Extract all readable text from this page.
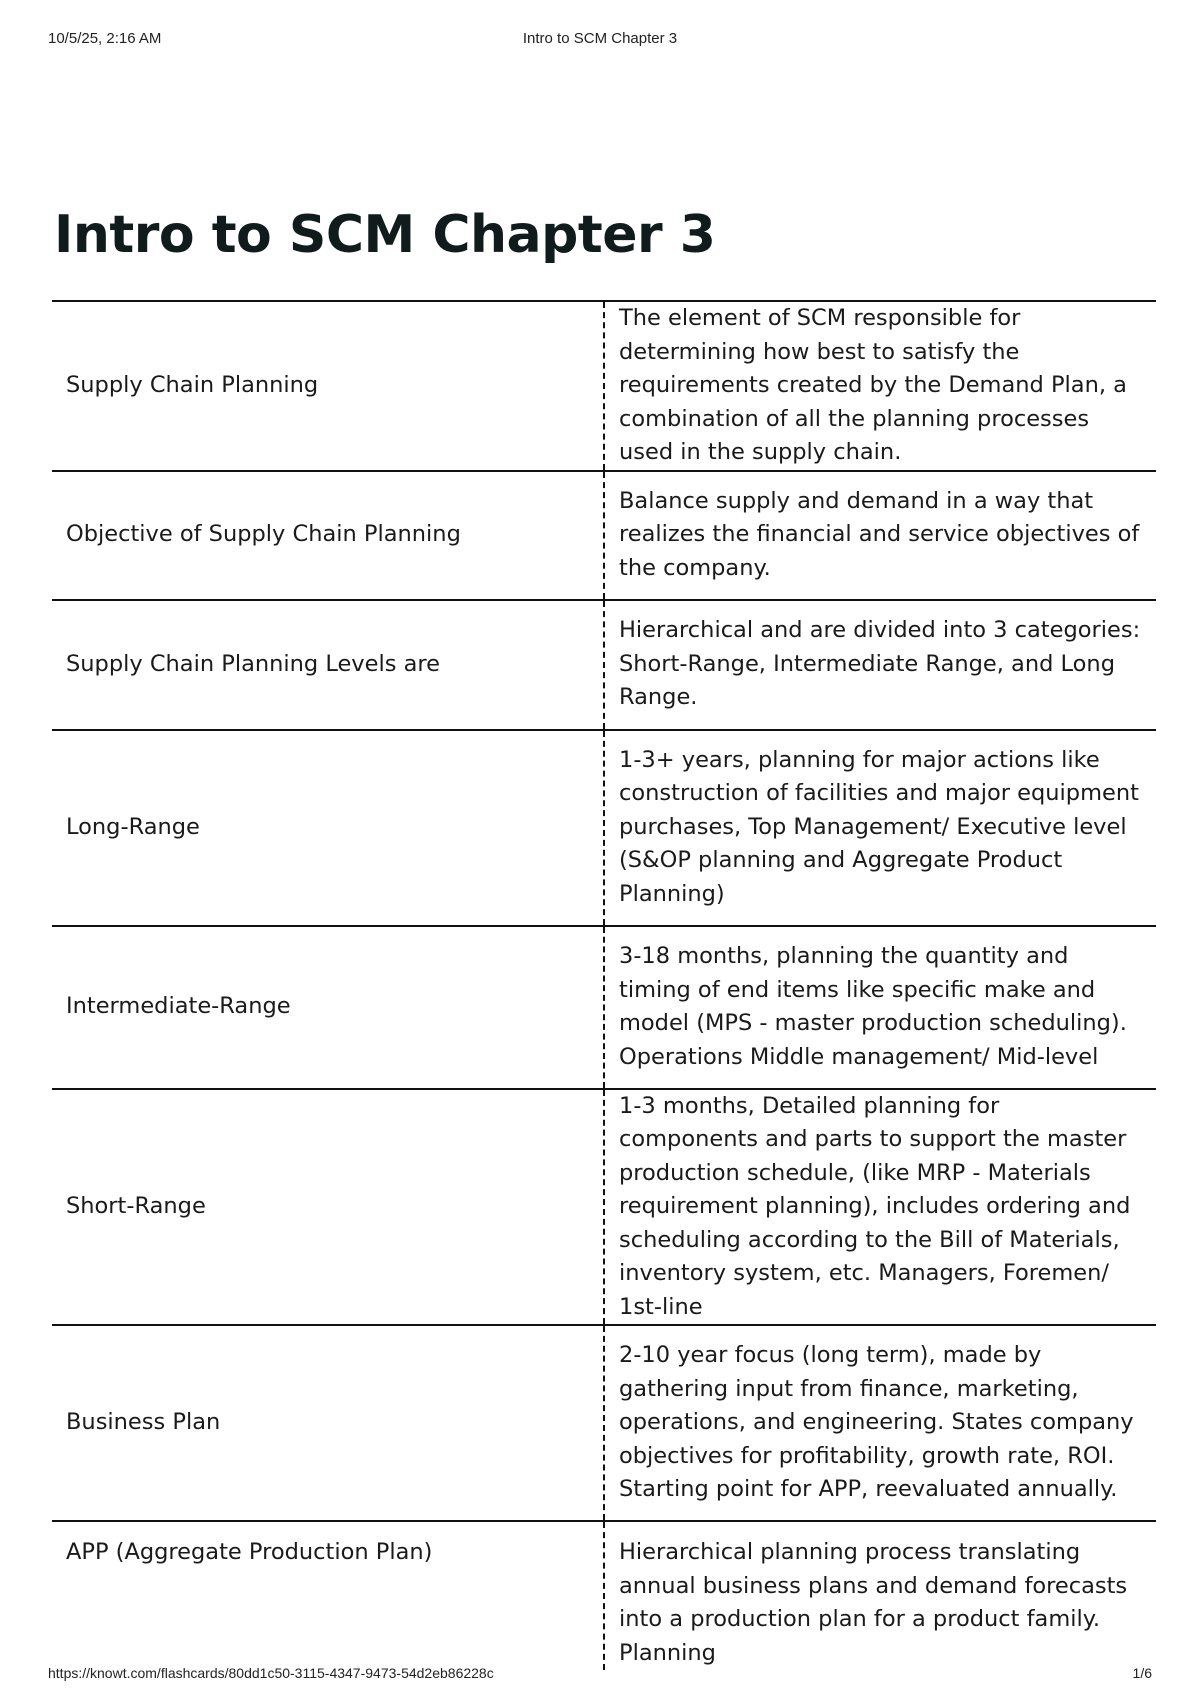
10/5/25, 2:16 AM	Intro to SCM Chapter 3
Intro to SCM Chapter 3
Supply Chain Planning	The element of SCM responsible for determining how best to satisfy the requirements created by the Demand Plan, a combination of all the planning processes used in the supply chain.
Objective of Supply Chain Planning	Balance supply and demand in a way that realizes the financial and service objectives of the company.
Supply Chain Planning Levels are	Hierarchical and are divided into 3 categories: Short-Range, Intermediate Range, and Long Range.
Long-Range	1-3+ years, planning for major actions like construction of facilities and major equipment purchases, Top Management/ Executive level (S&OP planning and Aggregate Product Planning)
Intermediate-Range	3-18 months, planning the quantity and timing of end items like specific make and model (MPS - master production scheduling). Operations Middle management/ Mid-level
Short-Range	1-3 months, Detailed planning for components and parts to support the master production schedule, (like MRP - Materials requirement planning), includes ordering and scheduling according to the Bill of Materials, inventory system, etc. Managers, Foremen/ 1st-line
Business Plan	2-10 year focus (long term), made by gathering input from finance, marketing, operations, and engineering. States company objectives for profitability, growth rate, ROI. Starting point for APP, reevaluated annually.
APP (Aggregate Production Plan)	Hierarchical planning process translating annual business plans and demand forecasts into a production plan for a product family. Planning
https://knowt.com/flashcards/80dd1c50-3115-4347-9473-54d2eb86228c	1/6
